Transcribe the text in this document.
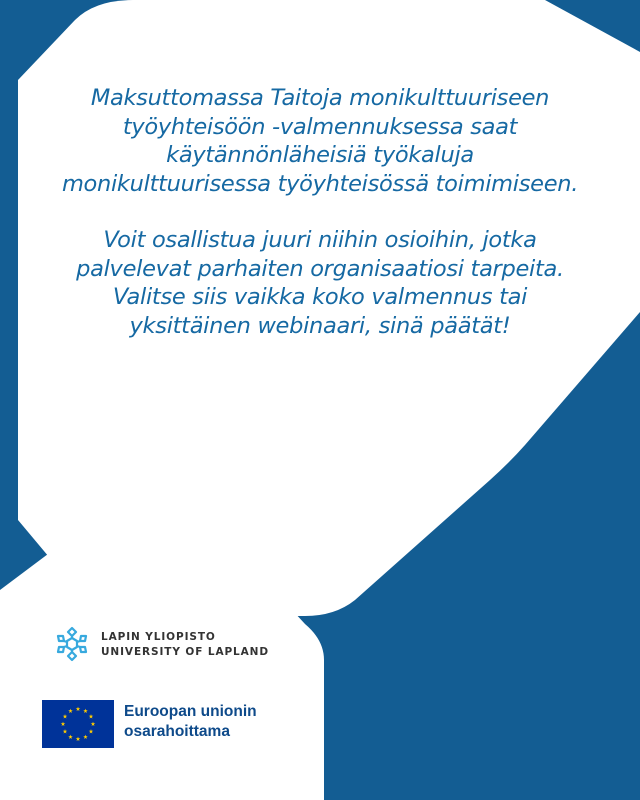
Maksuttomassa Taitoja monikulttuuriseen työyhteisöön -valmennuksessa saat käytännönläheisiä työkaluja monikulttuurisessa työyhteisössä toimimiseen.

Voit osallistua juuri niihin osioihin, jotka palvelevat parhaiten organisaatiosi tarpeita. Valitse siis vaikka koko valmennus tai yksittäinen webinaari, sinä päätät!

LAPIN YLIOPISTO
UNIVERSITY OF LAPLAND
Euroopan unionin
osarahoittama
